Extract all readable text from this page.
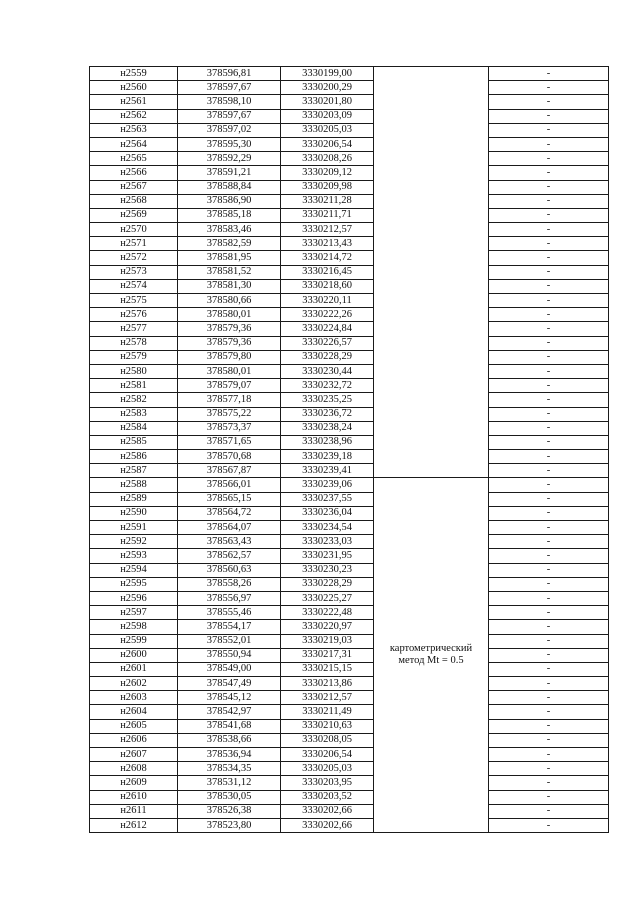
н2559	378596,81	3330199,00		-
н2560	378597,67	3330200,29		-
н2561	378598,10	3330201,80		-
н2562	378597,67	3330203,09		-
н2563	378597,02	3330205,03		-
н2564	378595,30	3330206,54		-
н2565	378592,29	3330208,26		-
н2566	378591,21	3330209,12		-
н2567	378588,84	3330209,98		-
н2568	378586,90	3330211,28		-
н2569	378585,18	3330211,71		-
н2570	378583,46	3330212,57		-
н2571	378582,59	3330213,43		-
н2572	378581,95	3330214,72		-
н2573	378581,52	3330216,45		-
н2574	378581,30	3330218,60		-
н2575	378580,66	3330220,11		-
н2576	378580,01	3330222,26		-
н2577	378579,36	3330224,84		-
н2578	378579,36	3330226,57		-
н2579	378579,80	3330228,29		-
н2580	378580,01	3330230,44		-
н2581	378579,07	3330232,72		-
н2582	378577,18	3330235,25		-
н2583	378575,22	3330236,72		-
н2584	378573,37	3330238,24		-
н2585	378571,65	3330238,96		-
н2586	378570,68	3330239,18		-
н2587	378567,87	3330239,41		-
н2588	378566,01	3330239,06	картометрический метод Mt = 0.5	-
н2589	378565,15	3330237,55		-
н2590	378564,72	3330236,04		-
н2591	378564,07	3330234,54		-
н2592	378563,43	3330233,03		-
н2593	378562,57	3330231,95		-
н2594	378560,63	3330230,23		-
н2595	378558,26	3330228,29		-
н2596	378556,97	3330225,27		-
н2597	378555,46	3330222,48		-
н2598	378554,17	3330220,97		-
н2599	378552,01	3330219,03		-
н2600	378550,94	3330217,31		-
н2601	378549,00	3330215,15		-
н2602	378547,49	3330213,86		-
н2603	378545,12	3330212,57		-
н2604	378542,97	3330211,49		-
н2605	378541,68	3330210,63		-
н2606	378538,66	3330208,05		-
н2607	378536,94	3330206,54		-
н2608	378534,35	3330205,03		-
н2609	378531,12	3330203,95		-
н2610	378530,05	3330203,52		-
н2611	378526,38	3330202,66		-
н2612	378523,80	3330202,66		-
